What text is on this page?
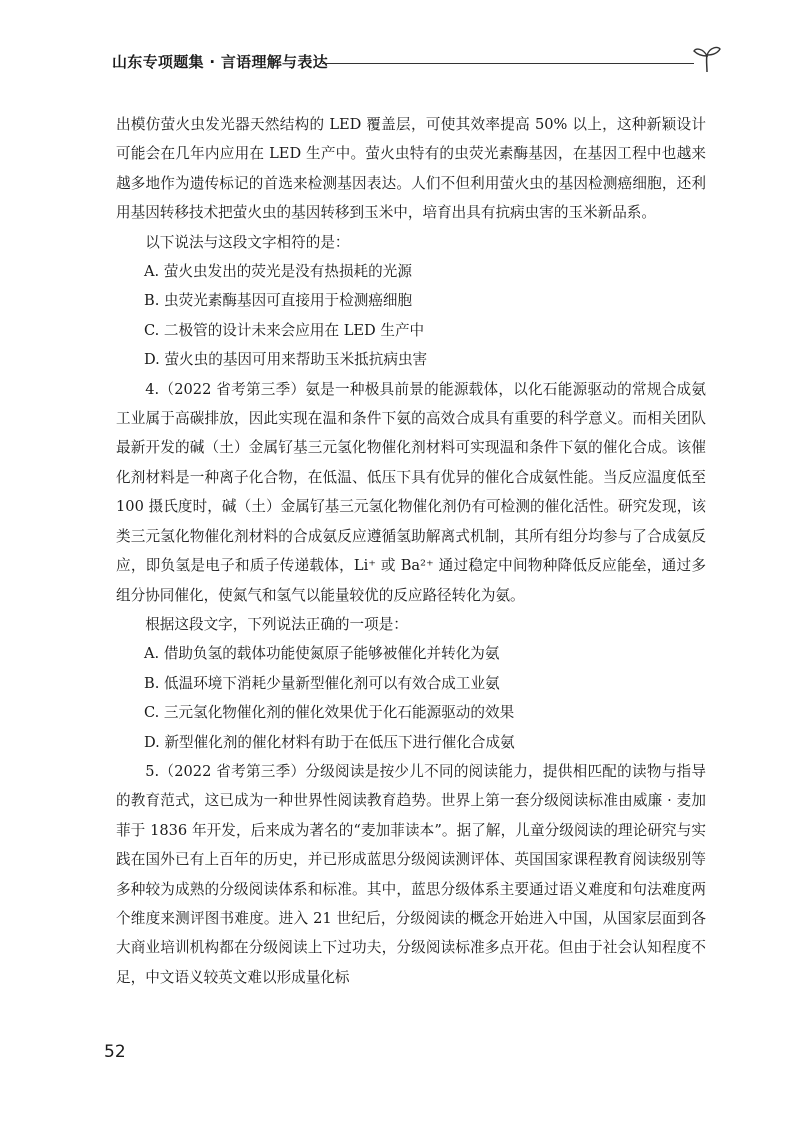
山东专项题集 · 言语理解与表达

出模仿萤火虫发光器天然结构的 LED 覆盖层，可使其效率提高 50% 以上，这种新颖设计可能会在几年内应用在 LED 生产中。萤火虫特有的虫荧光素酶基因，在基因工程中也越来越多地作为遗传标记的首选来检测基因表达。人们不但利用萤火虫的基因检测癌细胞，还利用基因转移技术把萤火虫的基因转移到玉米中，培育出具有抗病虫害的玉米新品系。

以下说法与这段文字相符的是：

A. 萤火虫发出的荧光是没有热损耗的光源

B. 虫荧光素酶基因可直接用于检测癌细胞

C. 二极管的设计未来会应用在 LED 生产中

D. 萤火虫的基因可用来帮助玉米抵抗病虫害

4.（2022 省考第三季）氨是一种极具前景的能源载体，以化石能源驱动的常规合成氨工业属于高碳排放，因此实现在温和条件下氨的高效合成具有重要的科学意义。而相关团队最新开发的碱（土）金属钌基三元氢化物催化剂材料可实现温和条件下氨的催化合成。该催化剂材料是一种离子化合物，在低温、低压下具有优异的催化合成氨性能。当反应温度低至 100 摄氏度时，碱（土）金属钌基三元氢化物催化剂仍有可检测的催化活性。研究发现，该类三元氢化物催化剂材料的合成氨反应遵循氢助解离式机制，其所有组分均参与了合成氨反应，即负氢是电子和质子传递载体，Li⁺ 或 Ba²⁺ 通过稳定中间物种降低反应能垒，通过多组分协同催化，使氮气和氢气以能量较优的反应路径转化为氨。

根据这段文字，下列说法正确的一项是：

A. 借助负氢的载体功能使氮原子能够被催化并转化为氨

B. 低温环境下消耗少量新型催化剂可以有效合成工业氨

C. 三元氢化物催化剂的催化效果优于化石能源驱动的效果

D. 新型催化剂的催化材料有助于在低压下进行催化合成氨

5.（2022 省考第三季）分级阅读是按少儿不同的阅读能力，提供相匹配的读物与指导的教育范式，这已成为一种世界性阅读教育趋势。世界上第一套分级阅读标准由威廉 · 麦加菲于 1836 年开发，后来成为著名的“麦加菲读本”。据了解，儿童分级阅读的理论研究与实践在国外已有上百年的历史，并已形成蓝思分级阅读测评体、英国国家课程教育阅读级别等多种较为成熟的分级阅读体系和标准。其中，蓝思分级体系主要通过语义难度和句法难度两个维度来测评图书难度。进入 21 世纪后，分级阅读的概念开始进入中国，从国家层面到各大商业培训机构都在分级阅读上下过功夫，分级阅读标准多点开花。但由于社会认知程度不足，中文语义较英文难以形成量化标

52
